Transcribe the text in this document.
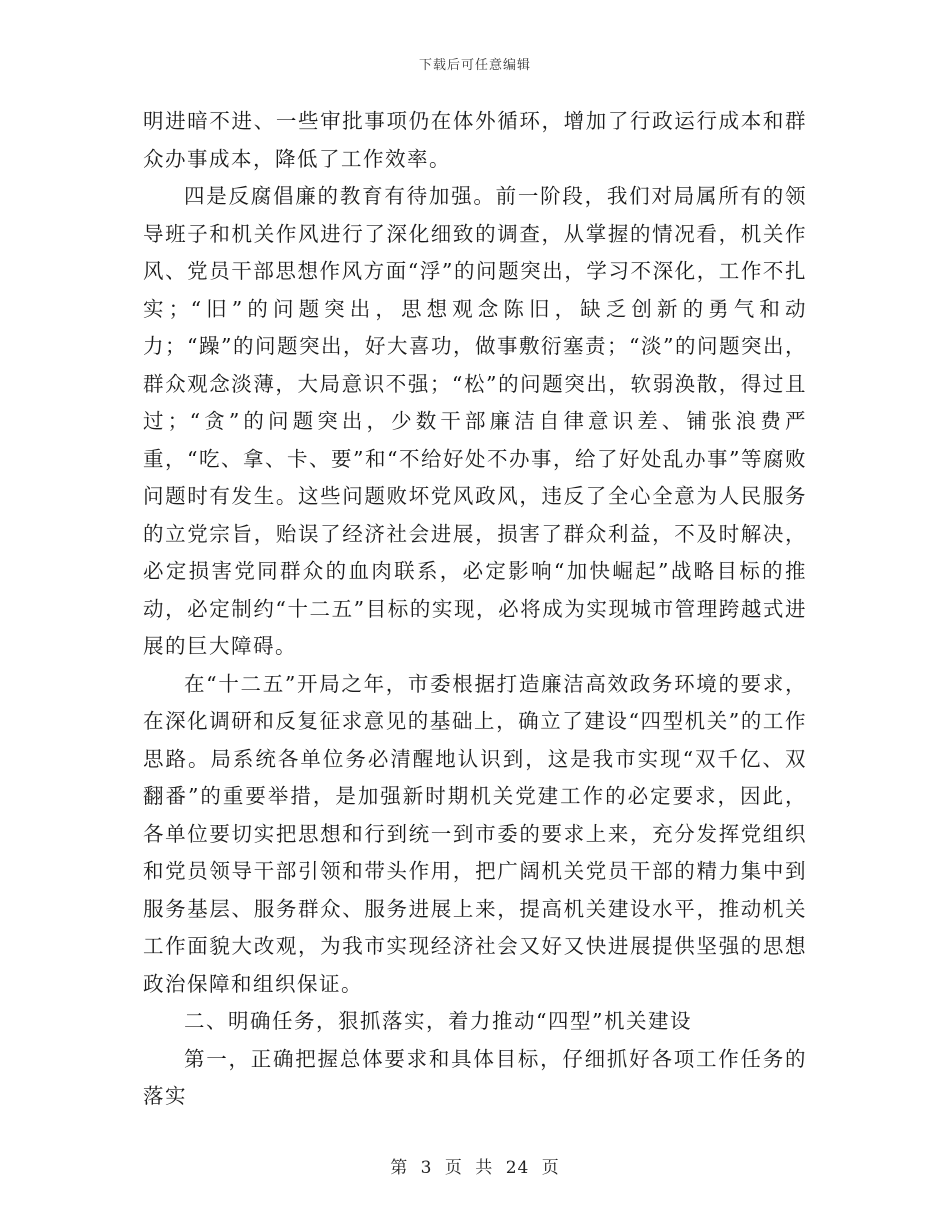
下载后可任意编辑

明进暗不进、一些审批事项仍在体外循环，增加了行政运行成本和群众办事成本，降低了工作效率。

四是反腐倡廉的教育有待加强。前一阶段，我们对局属所有的领导班子和机关作风进行了深化细致的调查，从掌握的情况看，机关作风、党员干部思想作风方面“浮”的问题突出，学习不深化，工作不扎实；“旧”的问题突出，思想观念陈旧，缺乏创新的勇气和动力；“躁”的问题突出，好大喜功，做事敷衍塞责；“淡”的问题突出，群众观念淡薄，大局意识不强；“松”的问题突出，软弱涣散，得过且过；“贪”的问题突出，少数干部廉洁自律意识差、铺张浪费严重，“吃、拿、卡、要”和“不给好处不办事，给了好处乱办事”等腐败问题时有发生。这些问题败坏党风政风，违反了全心全意为人民服务的立党宗旨，贻误了经济社会进展，损害了群众利益，不及时解决，必定损害党同群众的血肉联系，必定影响“加快崛起”战略目标的推动，必定制约“十二五”目标的实现，必将成为实现城市管理跨越式进展的巨大障碍。

在“十二五”开局之年，市委根据打造廉洁高效政务环境的要求，在深化调研和反复征求意见的基础上，确立了建设“四型机关”的工作思路。局系统各单位务必清醒地认识到，这是我市实现“双千亿、双翻番”的重要举措，是加强新时期机关党建工作的必定要求，因此，各单位要切实把思想和行到统一到市委的要求上来，充分发挥党组织和党员领导干部引领和带头作用，把广阔机关党员干部的精力集中到服务基层、服务群众、服务进展上来，提高机关建设水平，推动机关工作面貌大改观，为我市实现经济社会又好又快进展提供坚强的思想政治保障和组织保证。

二、明确任务，狠抓落实，着力推动“四型”机关建设

第一，正确把握总体要求和具体目标，仔细抓好各项工作任务的落实

第 3 页 共 24 页
